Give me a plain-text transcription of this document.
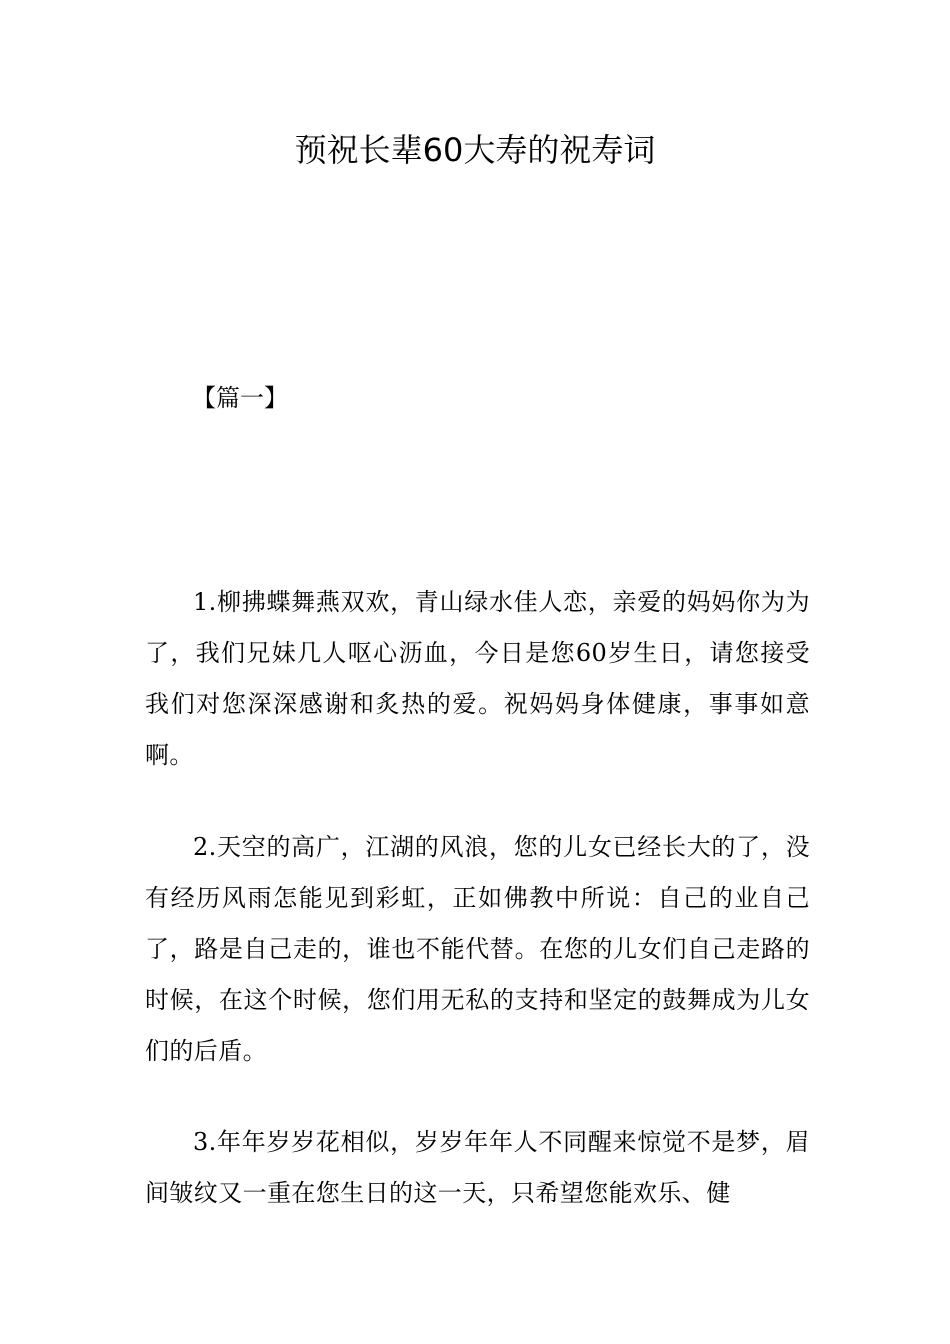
预祝长辈60大寿的祝寿词
【篇一】

1.柳拂蝶舞燕双欢，青山绿水佳人恋，亲爱的妈妈你为为了，我们兄妹几人呕心沥血，今日是您60岁生日，请您接受我们对您深深感谢和炙热的爱。祝妈妈身体健康，事事如意啊。

2.天空的高广，江湖的风浪，您的儿女已经长大的了，没有经历风雨怎能见到彩虹，正如佛教中所说：自己的业自己了，路是自己走的，谁也不能代替。在您的儿女们自己走路的时候，在这个时候，您们用无私的支持和坚定的鼓舞成为儿女们的后盾。

3.年年岁岁花相似，岁岁年年人不同醒来惊觉不是梦，眉间皱纹又一重在您生日的这一天，只希望您能欢乐、健
